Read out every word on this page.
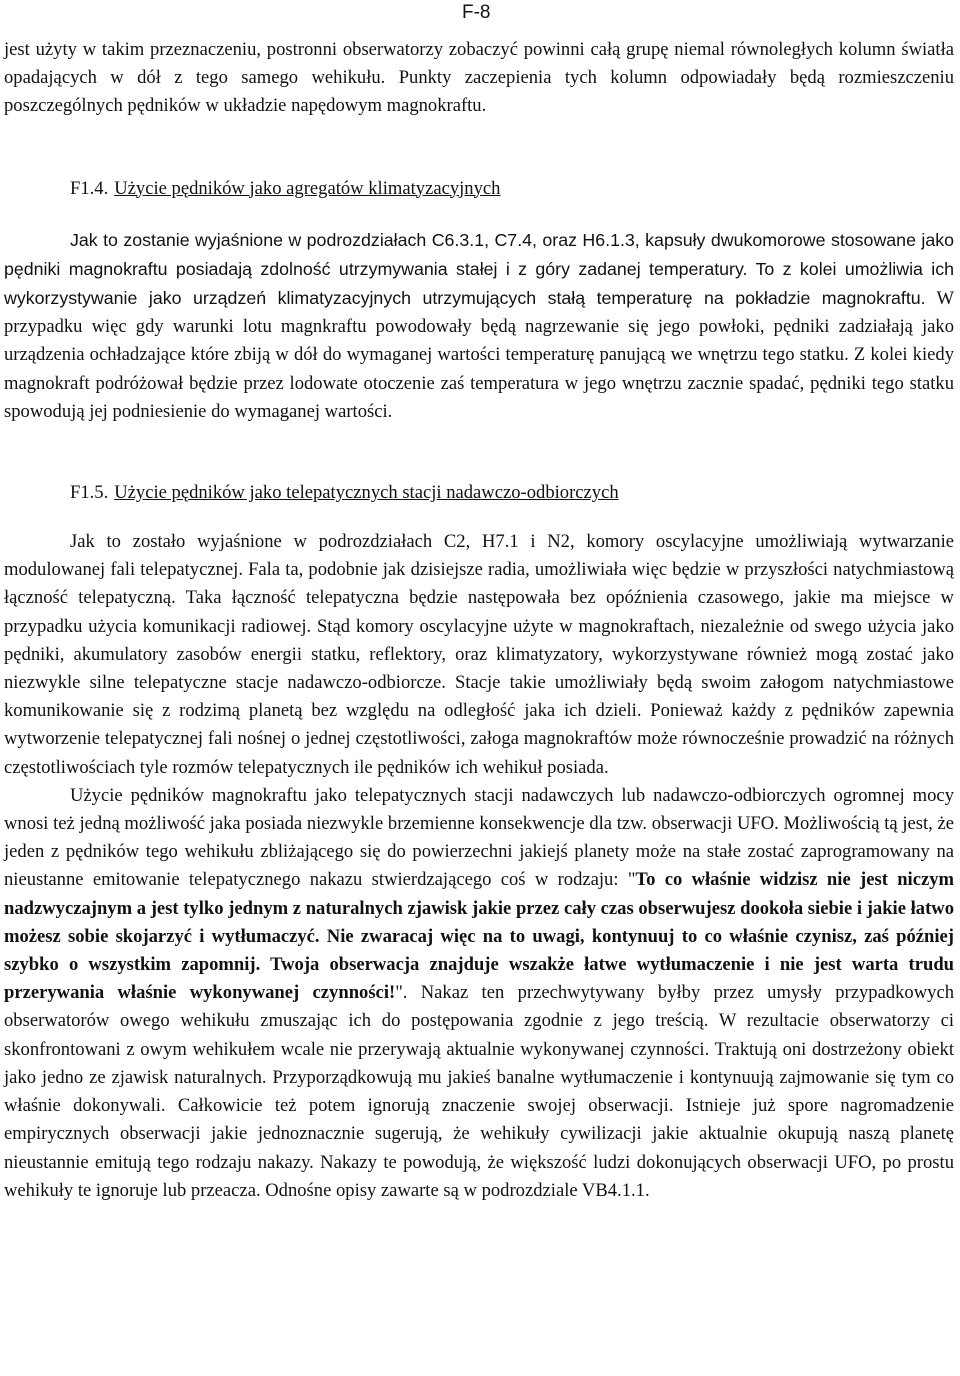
F-8

jest użyty w takim przeznaczeniu, postronni obserwatorzy zobaczyć powinni całą grupę niemal równoległych kolumn światła opadających w dół z tego samego wehikułu. Punkty zaczepienia tych kolumn odpowiadały będą rozmieszczeniu poszczególnych pędników w układzie napędowym magnokraftu.

F1.4. Użycie pędników jako agregatów klimatyzacyjnych

Jak to zostanie wyjaśnione w podrozdziałach C6.3.1, C7.4, oraz H6.1.3, kapsuły dwukomorowe stosowane jako pędniki magnokraftu posiadają zdolność utrzymywania stałej i z góry zadanej temperatury. To z kolei umożliwia ich wykorzystywanie jako urządzeń klimatyzacyjnych utrzymujących stałą temperaturę na pokładzie magnokraftu. W przypadku więc gdy warunki lotu magnkraftu powodowały będą nagrzewanie się jego powłoki, pędniki zadziałają jako urządzenia ochładzające które zbiją w dół do wymaganej wartości temperaturę panującą we wnętrzu tego statku. Z kolei kiedy magnokraft podróżował będzie przez lodowate otoczenie zaś temperatura w jego wnętrzu zacznie spadać, pędniki tego statku spowodują jej podniesienie do wymaganej wartości.

F1.5. Użycie pędników jako telepatycznych stacji nadawczo-odbiorczych

Jak to zostało wyjaśnione w podrozdziałach C2, H7.1 i N2, komory oscylacyjne umożliwiają wytwarzanie modulowanej fali telepatycznej. Fala ta, podobnie jak dzisiejsze radia, umożliwiała więc będzie w przyszłości natychmiastową łączność telepatyczną. Taka łączność telepatyczna będzie następowała bez opóźnienia czasowego, jakie ma miejsce w przypadku użycia komunikacji radiowej. Stąd komory oscylacyjne użyte w magnokraftach, niezależnie od swego użycia jako pędniki, akumulatory zasobów energii statku, reflektory, oraz klimatyzatory, wykorzystywane również mogą zostać jako niezwykle silne telepatyczne stacje nadawczo-odbiorcze. Stacje takie umożliwiały będą swoim załogom natychmiastowe komunikowanie się z rodzimą planetą bez względu na odległość jaka ich dzieli. Ponieważ każdy z pędników zapewnia wytworzenie telepatycznej fali nośnej o jednej częstotliwości, załoga magnokraftów może równocześnie prowadzić na różnych częstotliwościach tyle rozmów telepatycznych ile pędników ich wehikuł posiada.

Użycie pędników magnokraftu jako telepatycznych stacji nadawczych lub nadawczo-odbiorczych ogromnej mocy wnosi też jedną możliwość jaka posiada niezwykle brzemienne konsekwencje dla tzw. obserwacji UFO. Możliwością tą jest, że jeden z pędników tego wehikułu zbliżającego się do powierzechni jakiejś planety może na stałe zostać zaprogramowany na nieustanne emitowanie telepatycznego nakazu stwierdzającego coś w rodzaju: "To co właśnie widzisz nie jest niczym nadzwyczajnym a jest tylko jednym z naturalnych zjawisk jakie przez cały czas obserwujesz dookoła siebie i jakie łatwo możesz sobie skojarzyć i wytłumaczyć. Nie zwaracaj więc na to uwagi, kontynuuj to co właśnie czynisz, zaś później szybko o wszystkim zapomnij. Twoja obserwacja znajduje wszakże łatwe wytłumaczenie i nie jest warta trudu przerywania właśnie wykonywanej czynności!". Nakaz ten przechwytywany byłby przez umysły przypadkowych obserwatorów owego wehikułu zmuszając ich do postępowania zgodnie z jego treścią. W rezultacie obserwatorzy ci skonfrontowani z owym wehikułem wcale nie przerywają aktualnie wykonywanej czynności. Traktują oni dostrzeżony obiekt jako jedno ze zjawisk naturalnych. Przyporządkowują mu jakieś banalne wytłumaczenie i kontynuują zajmowanie się tym co właśnie dokonywali. Całkowicie też potem ignorują znaczenie swojej obserwacji. Istnieje już spore nagromadzenie empirycznych obserwacji jakie jednoznacznie sugerują, że wehikuły cywilizacji jakie aktualnie okupują naszą planetę nieustannie emitują tego rodzaju nakazy. Nakazy te powodują, że większość ludzi dokonujących obserwacji UFO, po prostu wehikuły te ignoruje lub przeacza. Odnośne opisy zawarte są w podrozdziale VB4.1.1.
